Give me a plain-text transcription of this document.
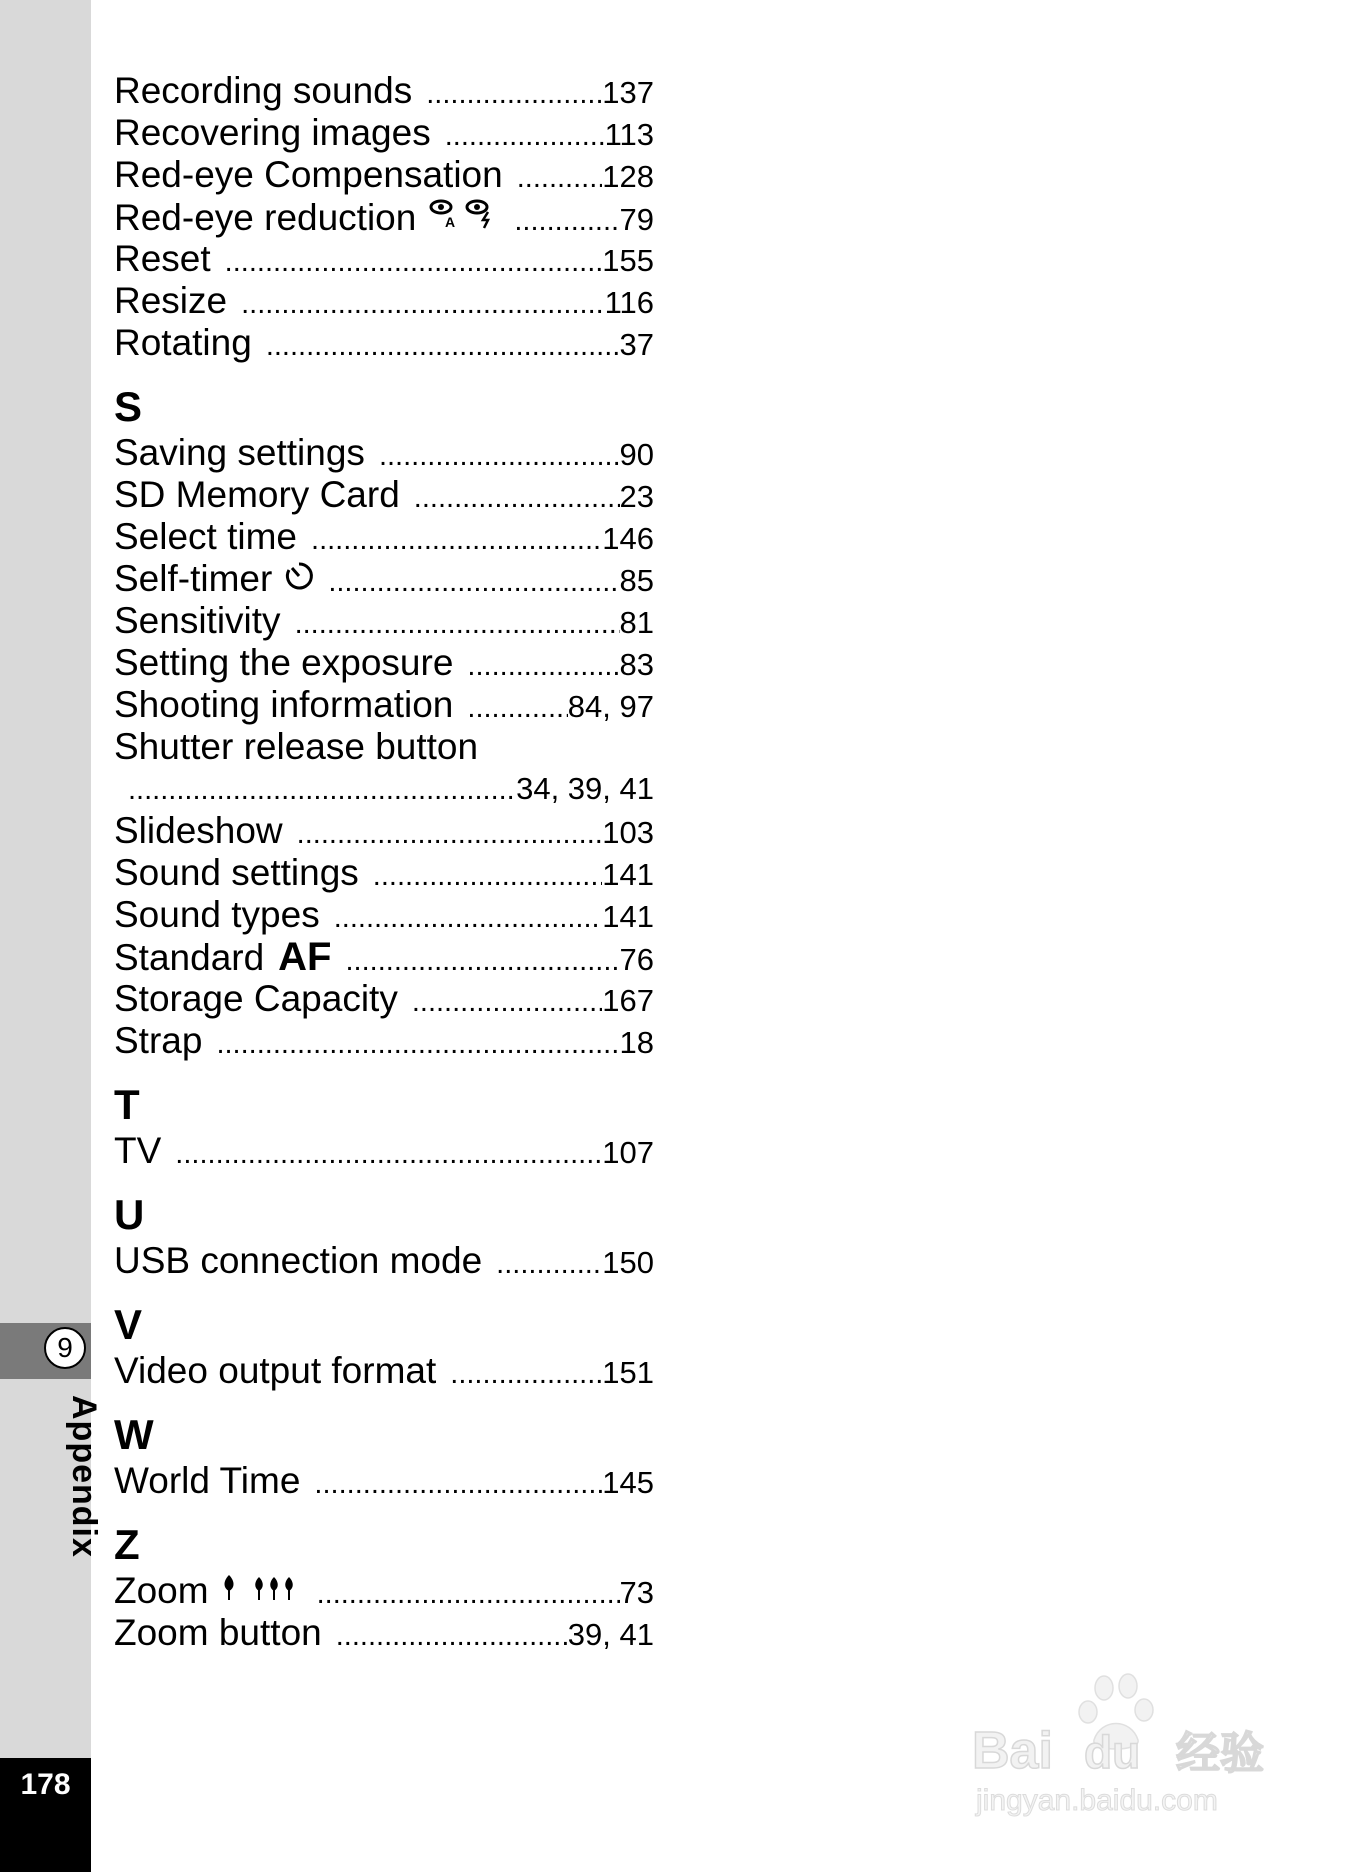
9
Appendix
178
Recording sounds .....	137
Recovering images .....	113
Red-eye Compensation .....	128
Red-eye reduction A .....	79
Reset .....	155
Resize .....	116
Rotating .....	37
S
Saving settings .....	90
SD Memory Card .....	23
Select time .....	146
Self-timer .....	85
Sensitivity .....	81
Setting the exposure .....	83
Shooting information .....	84, 97
Shutter release button
.....
34, 39, 41
Slideshow .....	103
Sound settings .....	141
Sound types .....	141
Standard AF .....	76
Storage Capacity .....	167
Strap .....	18
T
TV .....	107
U
USB connection mode .....	150
V
Video output format .....	151
W
World Time .....	145
Z
Zoom .....	73
Zoom button .....	39, 41
Bai du 经验
jingyan.baidu.com
